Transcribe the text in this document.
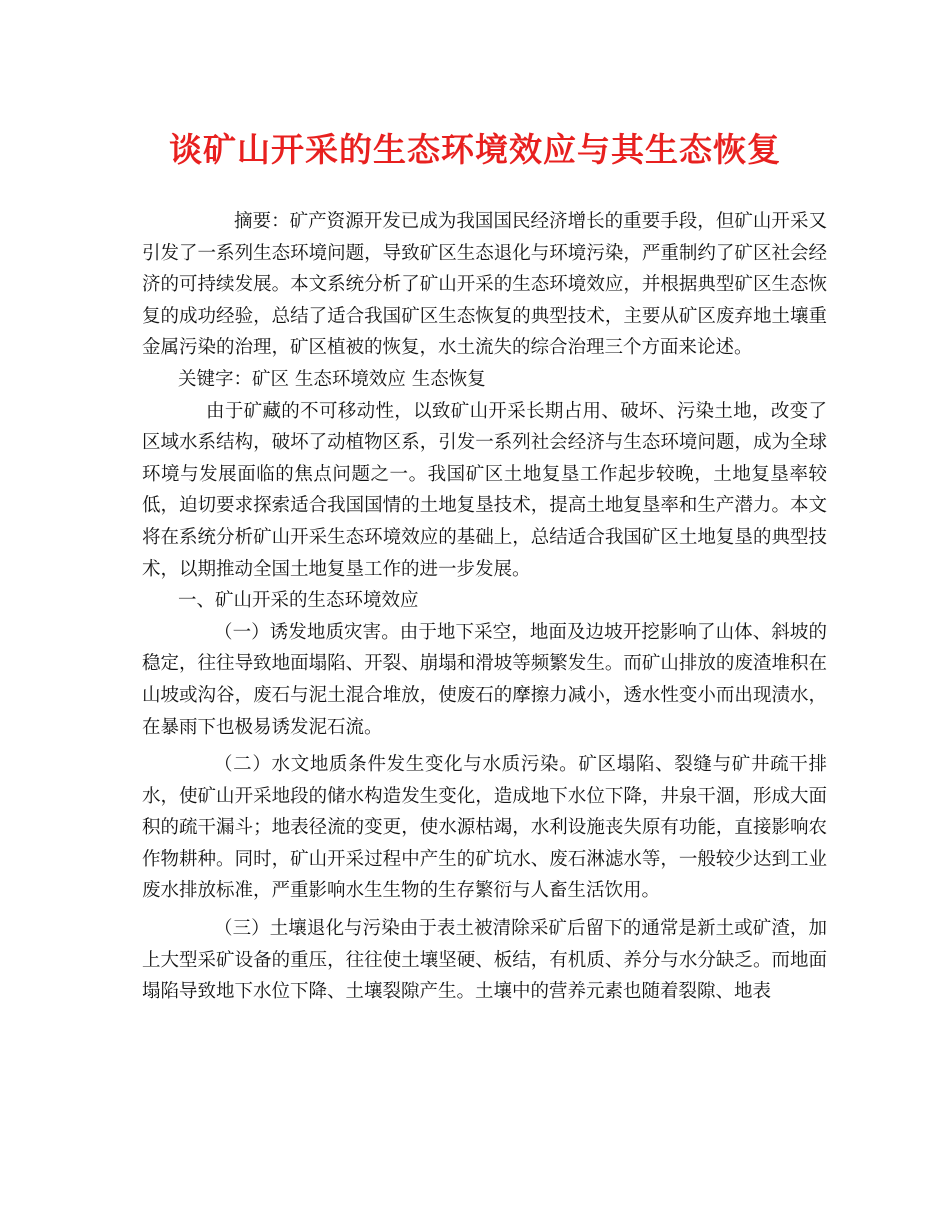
谈矿山开采的生态环境效应与其生态恢复

摘要：矿产资源开发已成为我国国民经济增长的重要手段，但矿山开采又引发了一系列生态环境问题，导致矿区生态退化与环境污染，严重制约了矿区社会经济的可持续发展。本文系统分析了矿山开采的生态环境效应，并根据典型矿区生态恢复的成功经验，总结了适合我国矿区生态恢复的典型技术，主要从矿区废弃地土壤重金属污染的治理，矿区植被的恢复，水土流失的综合治理三个方面来论述。

关键字：矿区 生态环境效应 生态恢复

由于矿藏的不可移动性，以致矿山开采长期占用、破坏、污染土地，改变了区域水系结构，破坏了动植物区系，引发一系列社会经济与生态环境问题，成为全球环境与发展面临的焦点问题之一。我国矿区土地复垦工作起步较晚，土地复垦率较低，迫切要求探索适合我国国情的土地复垦技术，提高土地复垦率和生产潜力。本文将在系统分析矿山开采生态环境效应的基础上，总结适合我国矿区土地复垦的典型技术，以期推动全国土地复垦工作的进一步发展。

一、矿山开采的生态环境效应

（一）诱发地质灾害。由于地下采空，地面及边坡开挖影响了山体、斜坡的稳定，往往导致地面塌陷、开裂、崩塌和滑坡等频繁发生。而矿山排放的废渣堆积在山坡或沟谷，废石与泥土混合堆放，使废石的摩擦力减小，透水性变小而出现渍水，在暴雨下也极易诱发泥石流。

（二）水文地质条件发生变化与水质污染。矿区塌陷、裂缝与矿井疏干排水，使矿山开采地段的储水构造发生变化，造成地下水位下降，井泉干涸，形成大面积的疏干漏斗；地表径流的变更，使水源枯竭，水利设施丧失原有功能，直接影响农作物耕种。同时，矿山开采过程中产生的矿坑水、废石淋滤水等，一般较少达到工业废水排放标准，严重影响水生生物的生存繁衍与人畜生活饮用。

（三）土壤退化与污染由于表土被清除采矿后留下的通常是新土或矿渣，加上大型采矿设备的重压，往往使土壤坚硬、板结，有机质、养分与水分缺乏。而地面塌陷导致地下水位下降、土壤裂隙产生。土壤中的营养元素也随着裂隙、地表
